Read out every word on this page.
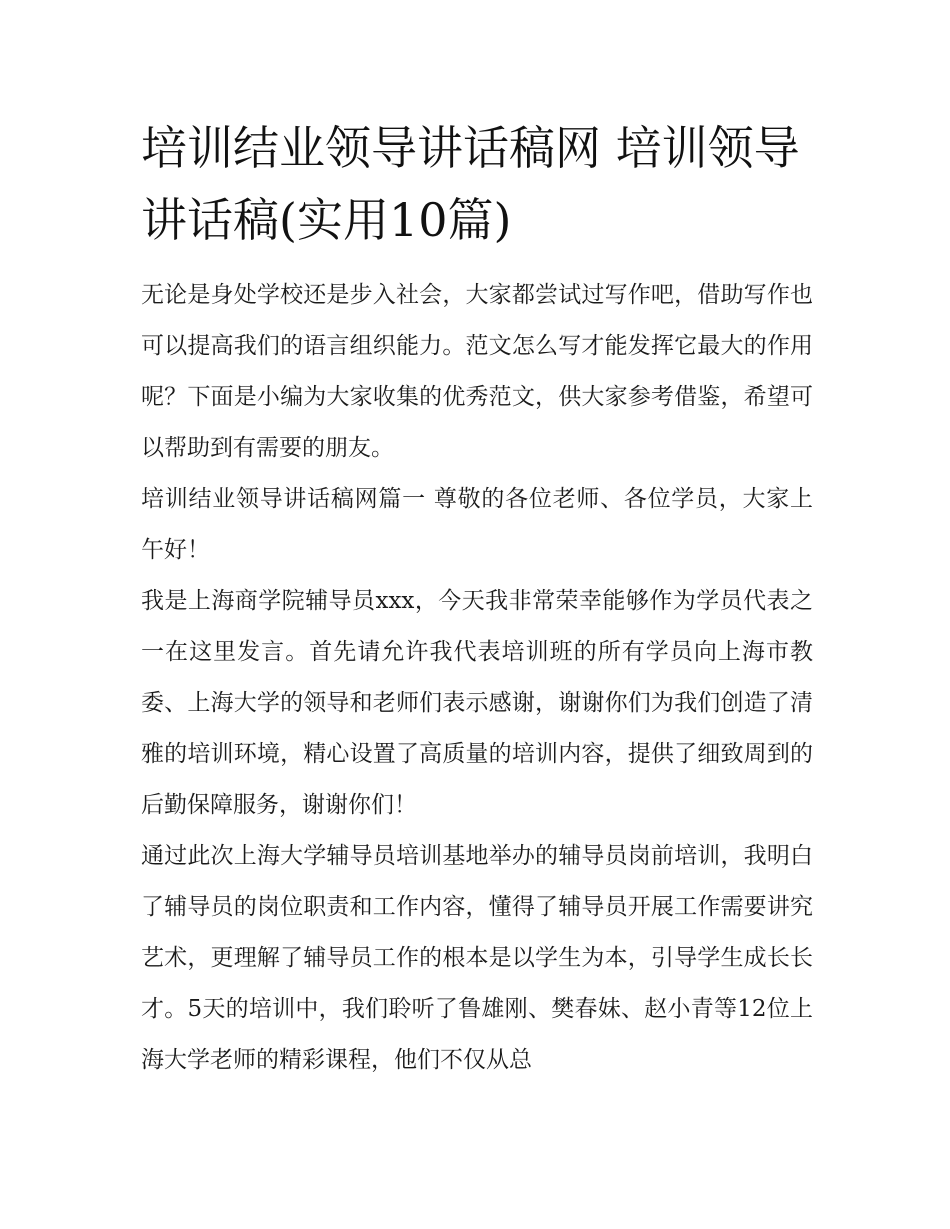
培训结业领导讲话稿网 培训领导讲话稿(实用10篇)

无论是身处学校还是步入社会，大家都尝试过写作吧，借助写作也可以提高我们的语言组织能力。范文怎么写才能发挥它最大的作用呢？下面是小编为大家收集的优秀范文，供大家参考借鉴，希望可以帮助到有需要的朋友。

培训结业领导讲话稿网篇一 尊敬的各位老师、各位学员，大家上午好！

我是上海商学院辅导员xxx，今天我非常荣幸能够作为学员代表之一在这里发言。首先请允许我代表培训班的所有学员向上海市教委、上海大学的领导和老师们表示感谢，谢谢你们为我们创造了清雅的培训环境，精心设置了高质量的培训内容，提供了细致周到的后勤保障服务，谢谢你们！

通过此次上海大学辅导员培训基地举办的辅导员岗前培训，我明白了辅导员的岗位职责和工作内容，懂得了辅导员开展工作需要讲究艺术，更理解了辅导员工作的根本是以学生为本，引导学生成长长才。5天的培训中，我们聆听了鲁雄刚、樊春妹、赵小青等12位上海大学老师的精彩课程，他们不仅从总
